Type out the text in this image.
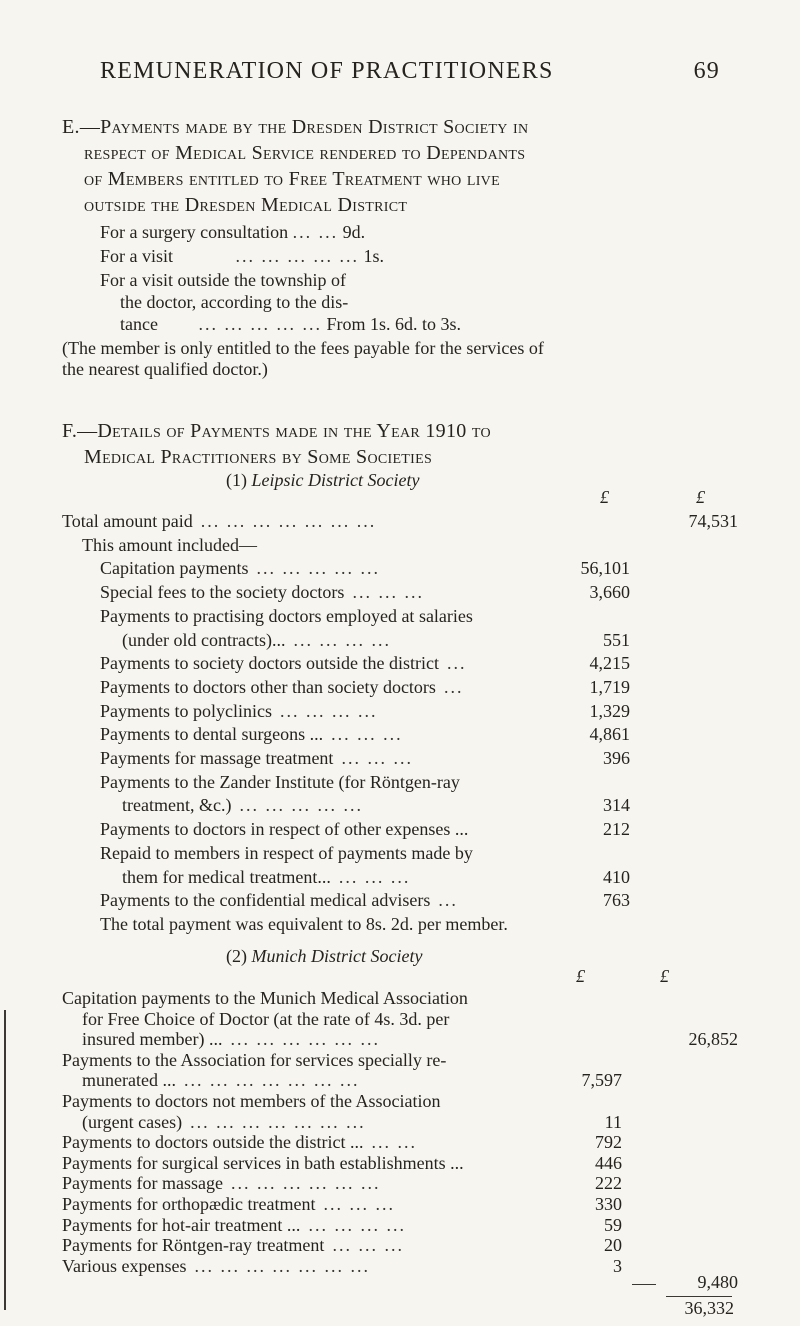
REMUNERATION OF PRACTITIONERS	69
E.—Payments made by the Dresden District Society in
respect of Medical Service rendered to Dependants
of Members entitled to Free Treatment who live
outside the Dresden Medical District
For a surgery consultation ... ... 9d.
For a visit	... ... ... ... ... 1s.
For a visit outside the township of
the doctor, according to the dis-
tance ... ... ... ... ... From 1s. 6d. to 3s.
(The member is only entitled to the fees payable for the services of
the nearest qualified doctor.)
F.—Details of Payments made in the Year 1910 to
Medical Practitioners by Some Societies
(1) Leipsic District Society
£	£
Total amount paid ... ... ... ... ... ... ...	74,531
This amount included—
Capitation payments ... ... ... ... ...	56,101
Special fees to the society doctors ... ... ...	3,660
Payments to practising doctors employed at salaries
(under old contracts)... ... ... ... ...	551
Payments to society doctors outside the district ...	4,215
Payments to doctors other than society doctors ...	1,719
Payments to polyclinics ... ... ... ...	1,329
Payments to dental surgeons ... ... ... ...	4,861
Payments for massage treatment ... ... ...	396
Payments to the Zander Institute (for Röntgen-ray
treatment, &c.) ... ... ... ... ...	314
Payments to doctors in respect of other expenses ...	212
Repaid to members in respect of payments made by
them for medical treatment... ... ... ...	410
Payments to the confidential medical advisers ...	763
The total payment was equivalent to 8s. 2d. per member.
(2) Munich District Society
£	£
Capitation payments to the Munich Medical Association
for Free Choice of Doctor (at the rate of 4s. 3d. per
insured member) ... ... ... ... ... ... ...	26,852
Payments to the Association for services specially re-
munerated ... ... ... ... ... ... ... ...	7,597
Payments to doctors not members of the Association
(urgent cases) ... ... ... ... ... ... ...	11
Payments to doctors outside the district ... ... ...	792
Payments for surgical services in bath establishments ...	446
Payments for massage ... ... ... ... ... ...	222
Payments for orthopædic treatment ... ... ...	330
Payments for hot-air treatment ... ... ... ... ...	59
Payments for Röntgen-ray treatment ... ... ...	20
Various expenses ... ... ... ... ... ... ...	3
9,480
36,332
